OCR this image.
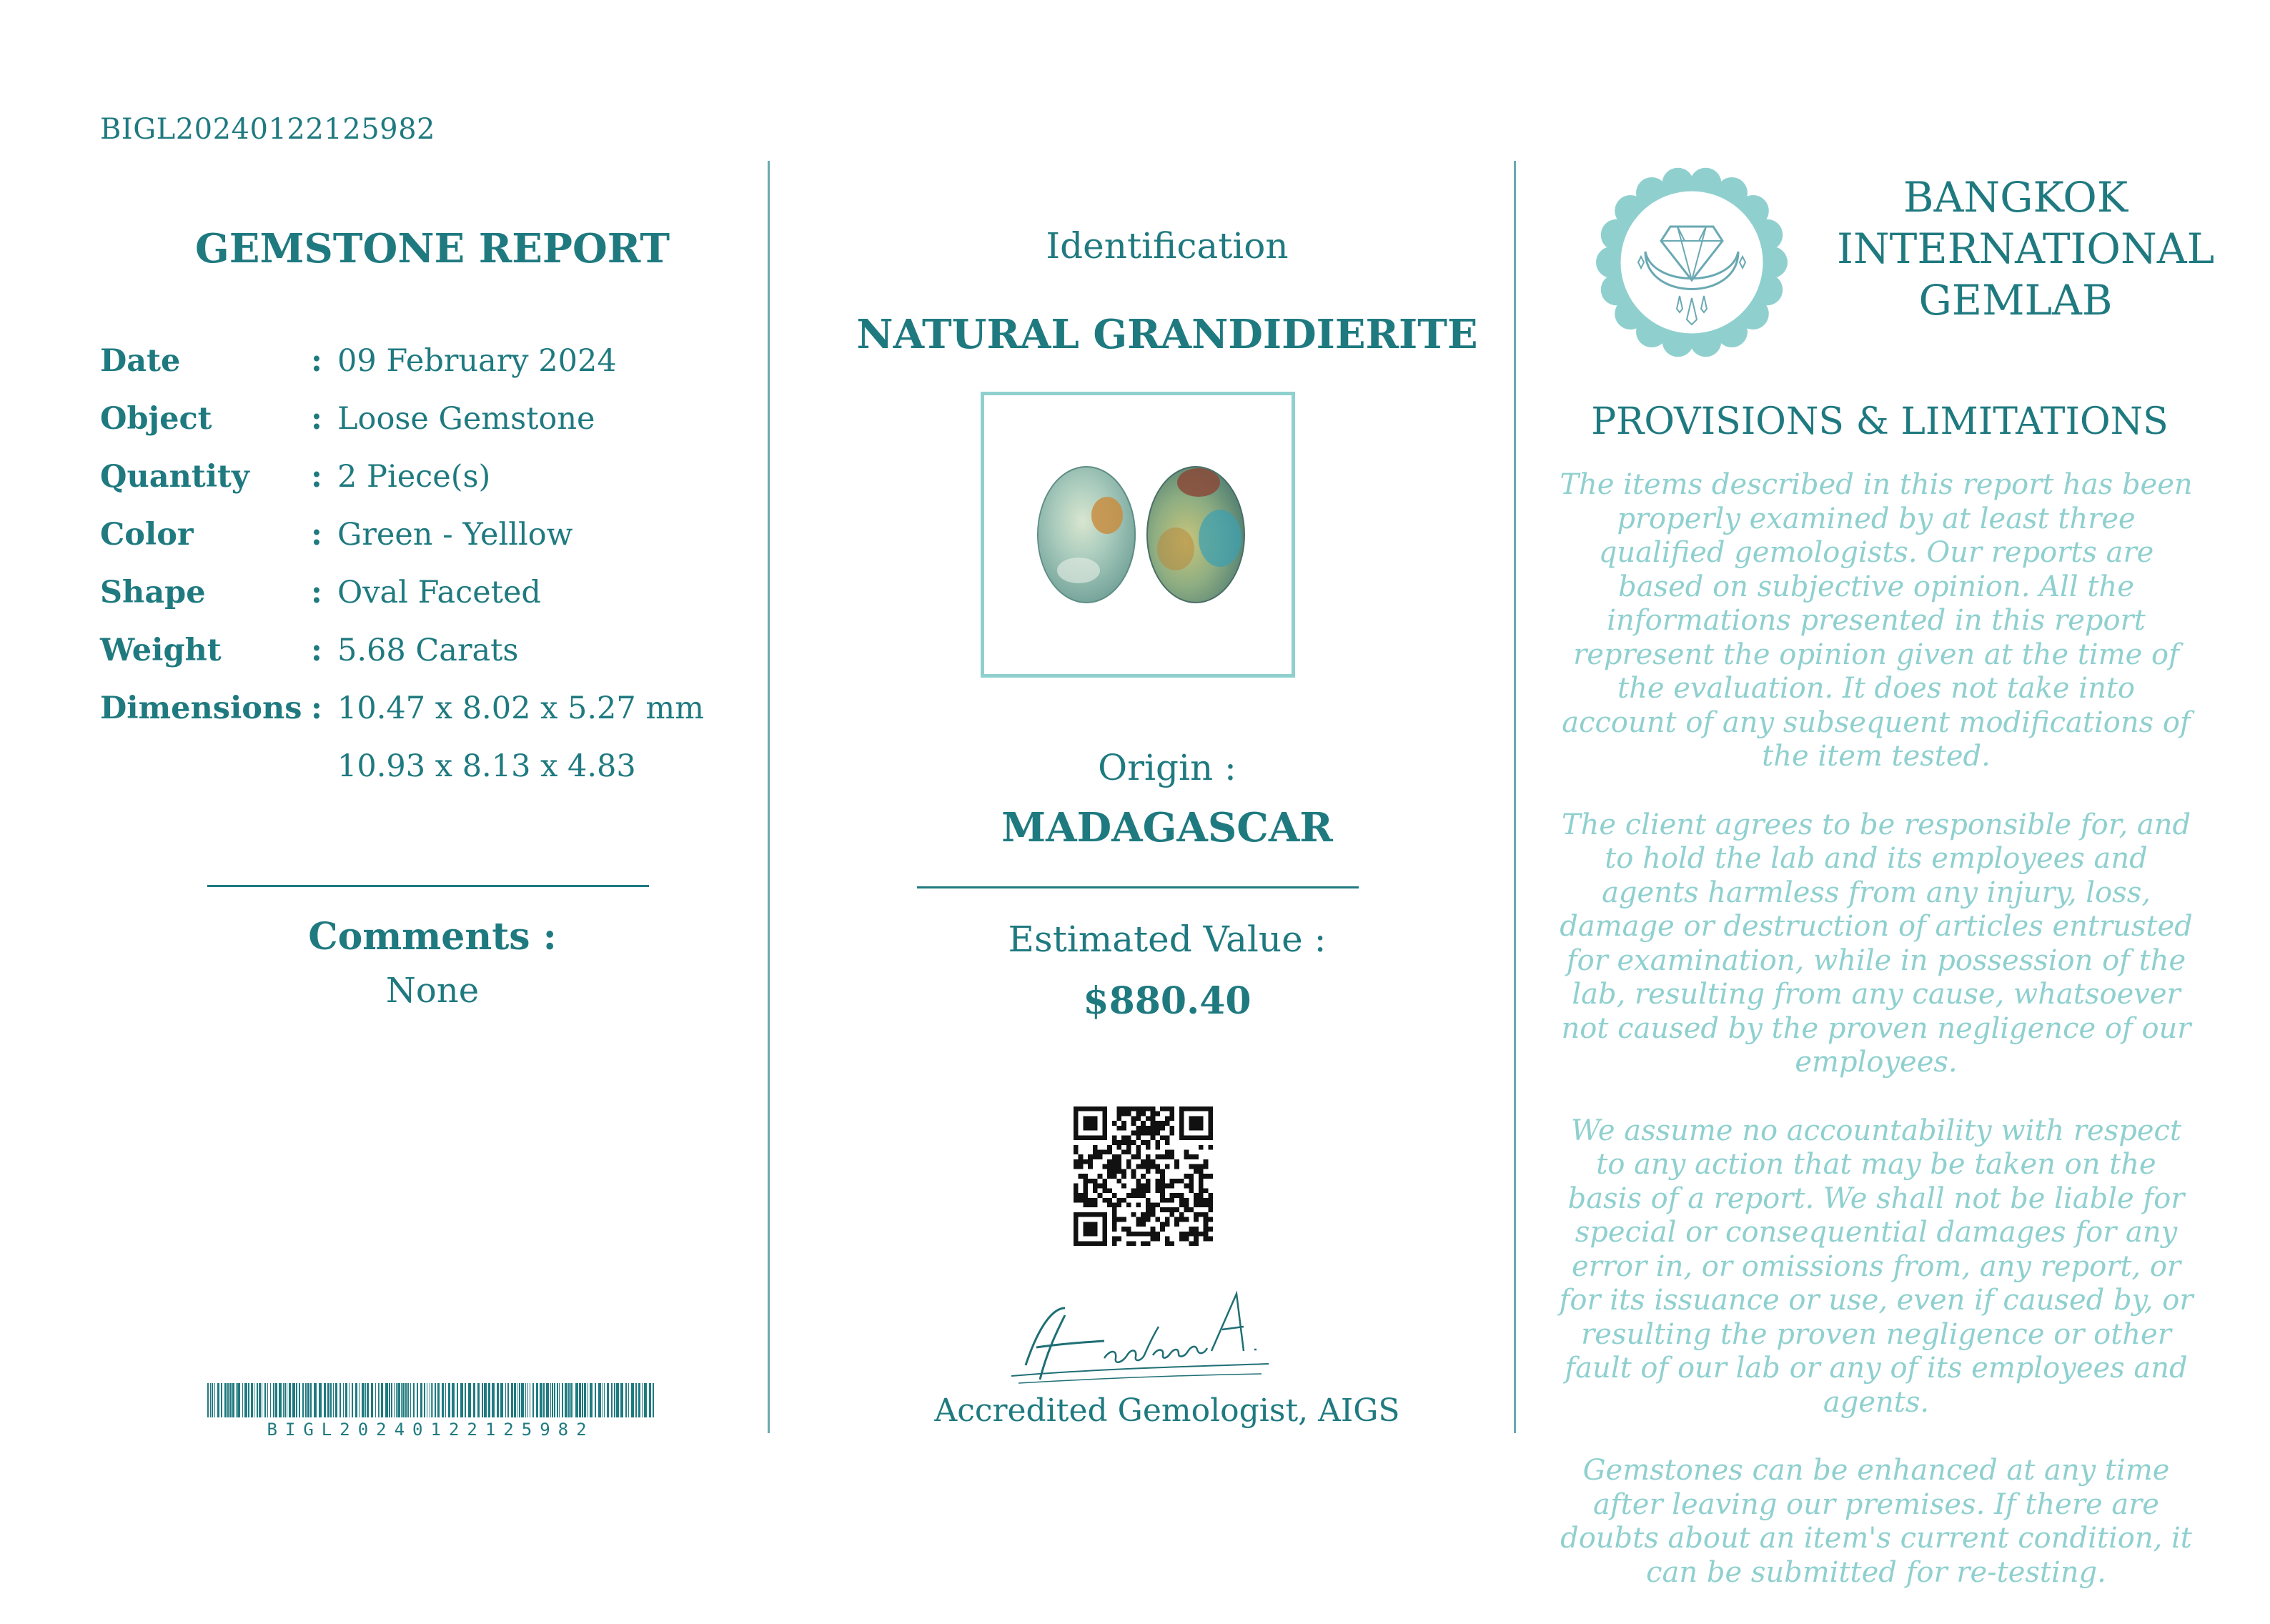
BIGL20240122125982
GEMSTONE REPORT
Date	: 09 February 2024
Object	: Loose Gemstone
Quantity : 2 Piece(s)
Color	: Green - Yelllow
Shape	: Oval Faceted
Weight	: 5.68 Carats
Dimensions : 10.47 x 8.02 x 5.27 mm
10.93 x 8.13 x 4.83
Comments :
None
BIGL20240122125982
Identification
NATURAL GRANDIDIERITE
Origin :
MADAGASCAR
Estimated Value :
$880.40
Accredited Gemologist, AIGS
BANGKOK
INTERNATIONAL
GEMLAB
PROVISIONS & LIMITATIONS

The items described in this report has been properly examined by at least three qualified gemologists. Our reports are based on subjective opinion. All the informations presented in this report represent the opinion given at the time of the evaluation. It does not take into account of any subsequent modifications of the item tested.

The client agrees to be responsible for, and to hold the lab and its employees and agents harmless from any injury, loss, damage or destruction of articles entrusted for examination, while in possession of the lab, resulting from any cause, whatsoever not caused by the proven negligence of our employees.

We assume no accountability with respect to any action that may be taken on the basis of a report. We shall not be liable for special or consequential damages for any error in, or omissions from, any report, or for its issuance or use, even if caused by, or resulting the proven negligence or other fault of our lab or any of its employees and agents.

Gemstones can be enhanced at any time after leaving our premises. If there are doubts about an item's current condition, it can be submitted for re-testing.
